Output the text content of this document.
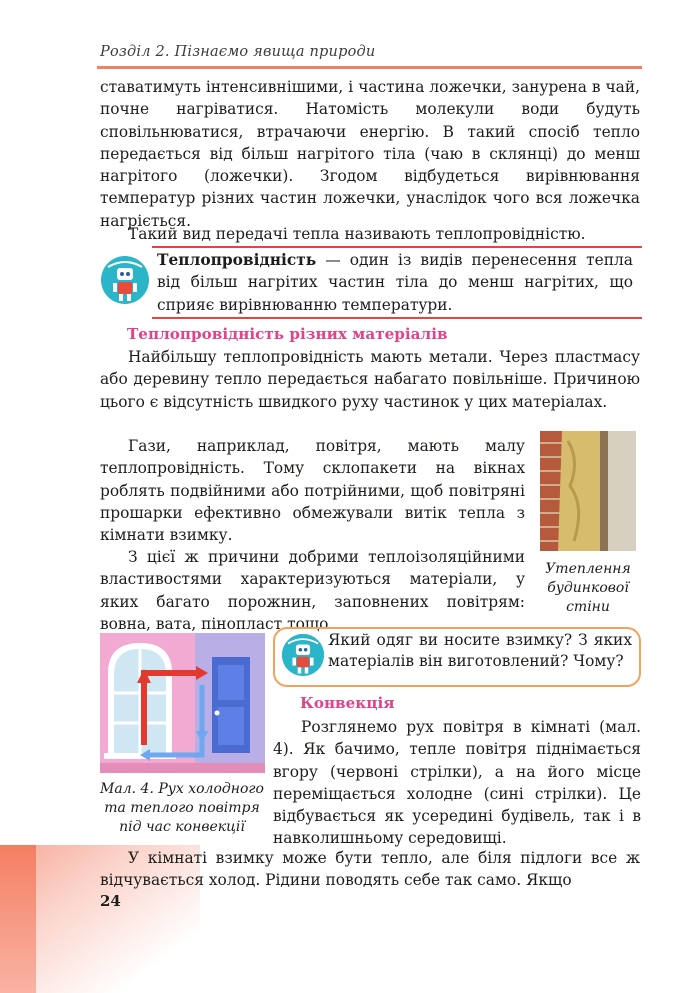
Розділ 2. Пізнаємо явища природи

ставатимуть інтенсивнішими, і частина ложечки, занурена в чай, почне нагріватися. Натомість молекули води будуть сповільнюватися, втрачаючи енергію. В такий спосіб тепло передається від більш нагрітого тіла (чаю в склянці) до менш нагрітого (ложечки). Згодом відбудеться вирівнювання температур різних частин ложечки, унаслідок чого вся ложечка нагріється.

Такий вид передачі тепла називають теплопровідністю.

Теплопровідність — один із видів перенесення тепла від більш нагрітих частин тіла до менш нагрітих, що сприяє вирівнюванню температури.

Теплопровідність різних матеріалів

Найбільшу теплопровідність мають метали. Через пластмасу або деревину тепло передається набагато повільніше. Причиною цього є відсутність швидкого руху частинок у цих матеріалах.

Гази, наприклад, повітря, мають малу теплопровідність. Тому склопакети на вікнах роблять подвійними або потрійними, щоб повітряні прошарки ефективно обмежували витік тепла з кімнати взимку.

З цієї ж причини добрими теплоізоляційними властивостями характеризуються матеріали, у яких багато порожнин, заповнених повітрям: вовна, вата, пінопласт тощо.

Утеплення будинкової стіни

Мал. 4. Рух холодного та теплого повітря під час конвекції

Який одяг ви носите взимку? З яких матеріалів він виготовлений? Чому?

Конвекція

Розглянемо рух повітря в кімнаті (мал. 4). Як бачимо, тепле повітря піднімається вгору (червоні стрілки), а на його місце переміщається холодне (сині стрілки). Це відбувається як усередині будівель, так і в навколишньому середовищі.

У кімнаті взимку може бути тепло, але біля підлоги все ж відчувається холод. Рідини поводять себе так само. Якщо

24
